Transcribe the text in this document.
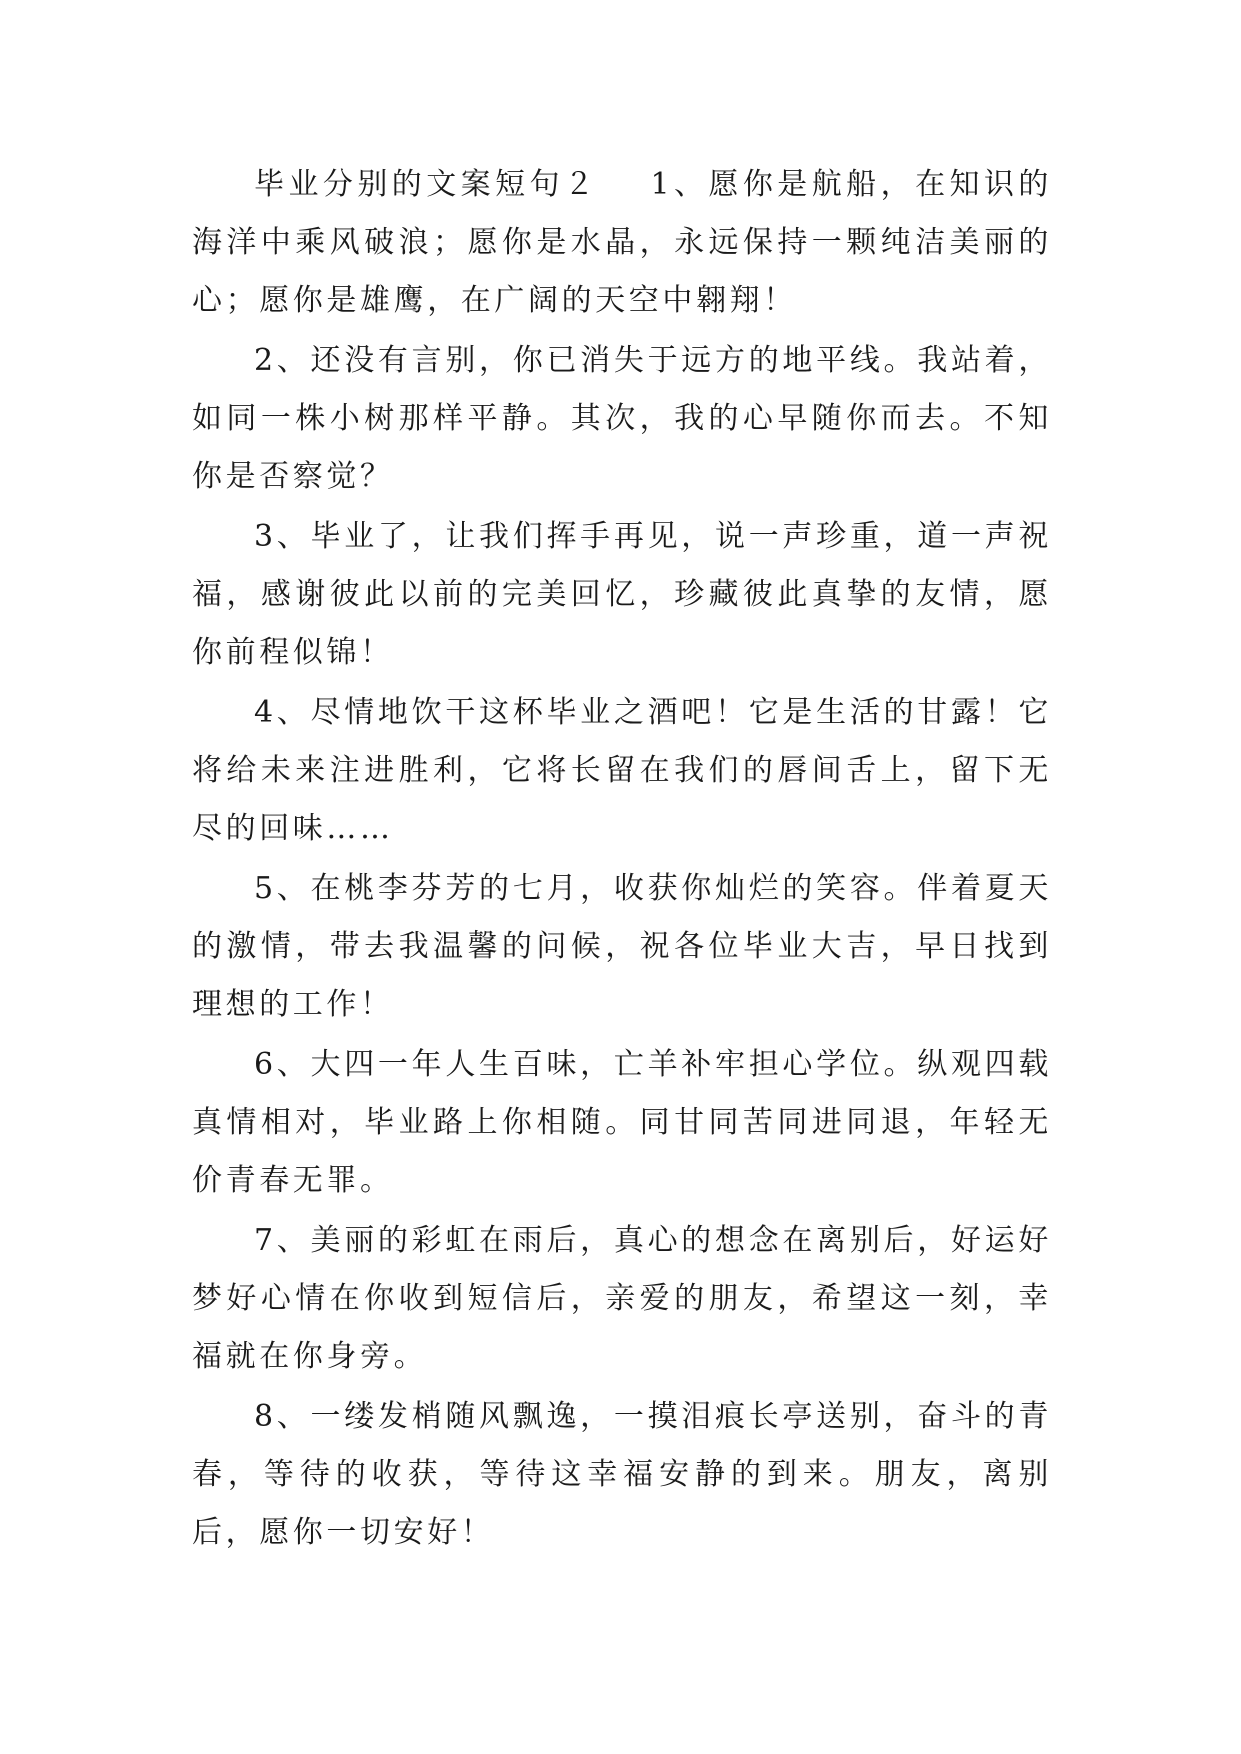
毕业分别的文案短句２ 1、愿你是航船，在知识的海洋中乘风破浪；愿你是水晶，永远保持一颗纯洁美丽的心；愿你是雄鹰，在广阔的天空中翱翔！

2、还没有言别，你已消失于远方的地平线。我站着，如同一株小树那样平静。其次，我的心早随你而去。不知你是否察觉？

3、毕业了，让我们挥手再见，说一声珍重，道一声祝福，感谢彼此以前的完美回忆，珍藏彼此真挚的友情，愿你前程似锦！

4、尽情地饮干这杯毕业之酒吧！它是生活的甘露！它将给未来注进胜利，它将长留在我们的唇间舌上，留下无尽的回味……

5、在桃李芬芳的七月，收获你灿烂的笑容。伴着夏天的激情，带去我温馨的问候，祝各位毕业大吉，早日找到理想的工作！

6、大四一年人生百味，亡羊补牢担心学位。纵观四载真情相对，毕业路上你相随。同甘同苦同进同退，年轻无价青春无罪。

7、美丽的彩虹在雨后，真心的想念在离别后，好运好梦好心情在你收到短信后，亲爱的朋友，希望这一刻，幸福就在你身旁。

8、一缕发梢随风飘逸，一摸泪痕长亭送别，奋斗的青春，等待的收获，等待这幸福安静的到来。朋友，离别后，愿你一切安好！
